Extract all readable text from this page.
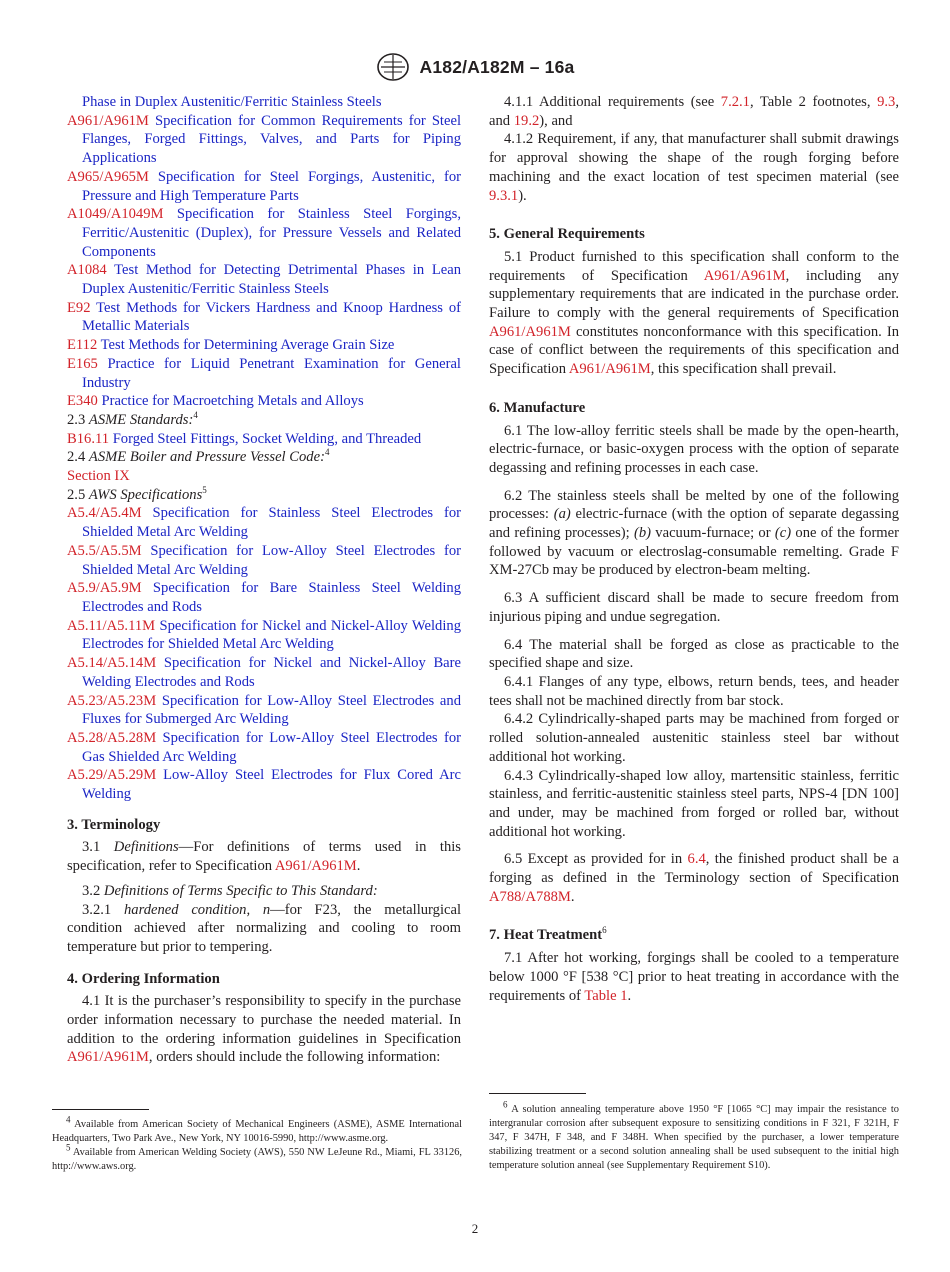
A182/A182M – 16a
Phase in Duplex Austenitic/Ferritic Stainless Steels
A961/A961M Specification for Common Requirements for Steel Flanges, Forged Fittings, Valves, and Parts for Piping Applications
A965/A965M Specification for Steel Forgings, Austenitic, for Pressure and High Temperature Parts
A1049/A1049M Specification for Stainless Steel Forgings, Ferritic/Austenitic (Duplex), for Pressure Vessels and Related Components
A1084 Test Method for Detecting Detrimental Phases in Lean Duplex Austenitic/Ferritic Stainless Steels
E92 Test Methods for Vickers Hardness and Knoop Hardness of Metallic Materials
E112 Test Methods for Determining Average Grain Size
E165 Practice for Liquid Penetrant Examination for General Industry
E340 Practice for Macroetching Metals and Alloys
2.3 ASME Standards:$^4$
B16.11 Forged Steel Fittings, Socket Welding, and Threaded
2.4 ASME Boiler and Pressure Vessel Code:$^4$
Section IX
2.5 AWS Specifications$^5$
A5.4/A5.4M Specification for Stainless Steel Electrodes for Shielded Metal Arc Welding
A5.5/A5.5M Specification for Low-Alloy Steel Electrodes for Shielded Metal Arc Welding
A5.9/A5.9M Specification for Bare Stainless Steel Welding Electrodes and Rods
A5.11/A5.11M Specification for Nickel and Nickel-Alloy Welding Electrodes for Shielded Metal Arc Welding
A5.14/A5.14M Specification for Nickel and Nickel-Alloy Bare Welding Electrodes and Rods
A5.23/A5.23M Specification for Low-Alloy Steel Electrodes and Fluxes for Submerged Arc Welding
A5.28/A5.28M Specification for Low-Alloy Steel Electrodes for Gas Shielded Arc Welding
A5.29/A5.29M Low-Alloy Steel Electrodes for Flux Cored Arc Welding
3. Terminology
3.1 Definitions—For definitions of terms used in this specification, refer to Specification A961/A961M.
3.2 Definitions of Terms Specific to This Standard:
3.2.1 hardened condition, n—for F23, the metallurgical condition achieved after normalizing and cooling to room temperature but prior to tempering.
4. Ordering Information
4.1 It is the purchaser’s responsibility to specify in the purchase order information necessary to purchase the needed material. In addition to the ordering information guidelines in Specification A961/A961M, orders should include the following information:
$^4$ Available from American Society of Mechanical Engineers (ASME), ASME International Headquarters, Two Park Ave., New York, NY 10016-5990, http://www.asme.org.
$^5$ Available from American Welding Society (AWS), 550 NW LeJeune Rd., Miami, FL 33126, http://www.aws.org.
4.1.1 Additional requirements (see 7.2.1, Table 2 footnotes, 9.3, and 19.2), and
4.1.2 Requirement, if any, that manufacturer shall submit drawings for approval showing the shape of the rough forging before machining and the exact location of test specimen material (see 9.3.1).
5. General Requirements
5.1 Product furnished to this specification shall conform to the requirements of Specification A961/A961M, including any supplementary requirements that are indicated in the purchase order. Failure to comply with the general requirements of Specification A961/A961M constitutes nonconformance with this specification. In case of conflict between the requirements of this specification and Specification A961/A961M, this specification shall prevail.
6. Manufacture
6.1 The low-alloy ferritic steels shall be made by the open-hearth, electric-furnace, or basic-oxygen process with the option of separate degassing and refining processes in each case.
6.2 The stainless steels shall be melted by one of the following processes: (a) electric-furnace (with the option of separate degassing and refining processes); (b) vacuum-furnace; or (c) one of the former followed by vacuum or electroslag-consumable remelting. Grade F XM-27Cb may be produced by electron-beam melting.
6.3 A sufficient discard shall be made to secure freedom from injurious piping and undue segregation.
6.4 The material shall be forged as close as practicable to the specified shape and size.
6.4.1 Flanges of any type, elbows, return bends, tees, and header tees shall not be machined directly from bar stock.
6.4.2 Cylindrically-shaped parts may be machined from forged or rolled solution-annealed austenitic stainless steel bar without additional hot working.
6.4.3 Cylindrically-shaped low alloy, martensitic stainless, ferritic stainless, and ferritic-austenitic stainless steel parts, NPS-4 [DN 100] and under, may be machined from forged or rolled bar, without additional hot working.
6.5 Except as provided for in 6.4, the finished product shall be a forging as defined in the Terminology section of Specification A788/A788M.
7. Heat Treatment$^6$
7.1 After hot working, forgings shall be cooled to a temperature below 1000 °F [538 °C] prior to heat treating in accordance with the requirements of Table 1.
$^6$ A solution annealing temperature above 1950 °F [1065 °C] may impair the resistance to intergranular corrosion after subsequent exposure to sensitizing conditions in F 321, F 321H, F 347, F 347H, F 348, and F 348H. When specified by the purchaser, a lower temperature stabilizing treatment or a second solution annealing shall be used subsequent to the initial high temperature solution anneal (see Supplementary Requirement S10).
2
